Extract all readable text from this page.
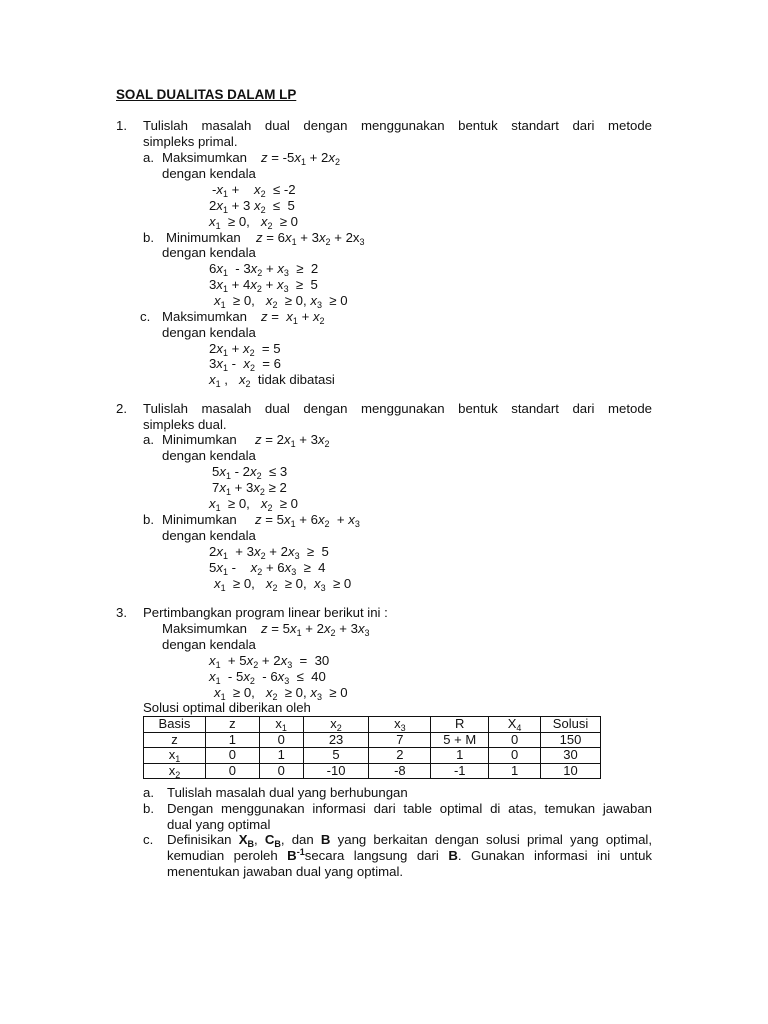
SOAL DUALITAS DALAM LP
1. Tulislah masalah dual dengan menggunakan bentuk standart dari metode
simpleks primal.
a. Maksimumkan $z = -5x_1 + 2x_2$
dengan kendala
$-x_1$ +    $x_2 \le -2$
$2x_1 + 3$ $x_2 \le 5$
$x_1 \ge 0$,   $x_2 \ge 0$
b. Minimumkan $z = 6x_1 + 3x_2 + 2x_3$
dengan kendala
$6x_1 - 3x_2 + x_3 \ge 2$
$3x_1 + 4x_2 + x_3 \ge 5$
$x_1 \ge 0$,   $x_2 \ge 0$, $x_3 \ge 0$
c. Maksimumkan $z = x_1 + x_2$
dengan kendala
$2x_1 + x_2 = 5$
$3x_1 - x_2 = 6$
$x_1$ ,   $x_2$  tidak dibatasi
2. Tulislah masalah dual dengan menggunakan bentuk standart dari metode
simpleks dual.
a. Minimumkan $z = 2x_1 + 3x_2$
dengan kendala
$5x_1 - 2x_2 \le 3$
$7x_1 + 3x_2 \ge 2$
$x_1 \ge 0$,   $x_2 \ge 0$
b. Minimumkan $z = 5x_1 + 6x_2 + x_3$
dengan kendala
$2x_1 + 3x_2 + 2x_3 \ge 5$
$5x_1$ -    $x_2 + 6x_3 \ge 4$
$x_1 \ge 0$,   $x_2 \ge 0$,  $x_3 \ge 0$
3. Pertimbangkan program linear berikut ini :
Maksimumkan $z = 5x_1 + 2x_2 + 3x_3$
dengan kendala
$x_1 + 5x_2 + 2x_3 = 30$
$x_1 - 5x_2 - 6x_3 \le 40$
$x_1 \ge 0$,   $x_2 \ge 0$, $x_3 \ge 0$
Solusi optimal diberikan oleh
Basis	z	$x_1$	$x_2$	$x_3$	R	$X_4$	Solusi
z	1	0	23	7	5 + M	0	150
$x_1$	0	1	5	2	1	0	30
$x_2$	0	0	-10	-8	-1	1	10
a. Tulislah masalah dual yang berhubungan
b. Dengan menggunakan informasi dari table optimal di atas, temukan jawaban
dual yang optimal
c. Definisikan $X_B$, $C_B$, dan B yang berkaitan dengan solusi primal yang optimal,
kemudian peroleh $B^{-1}secara$ langsung dari B. Gunakan informasi ini untuk
menentukan jawaban dual yang optimal.
